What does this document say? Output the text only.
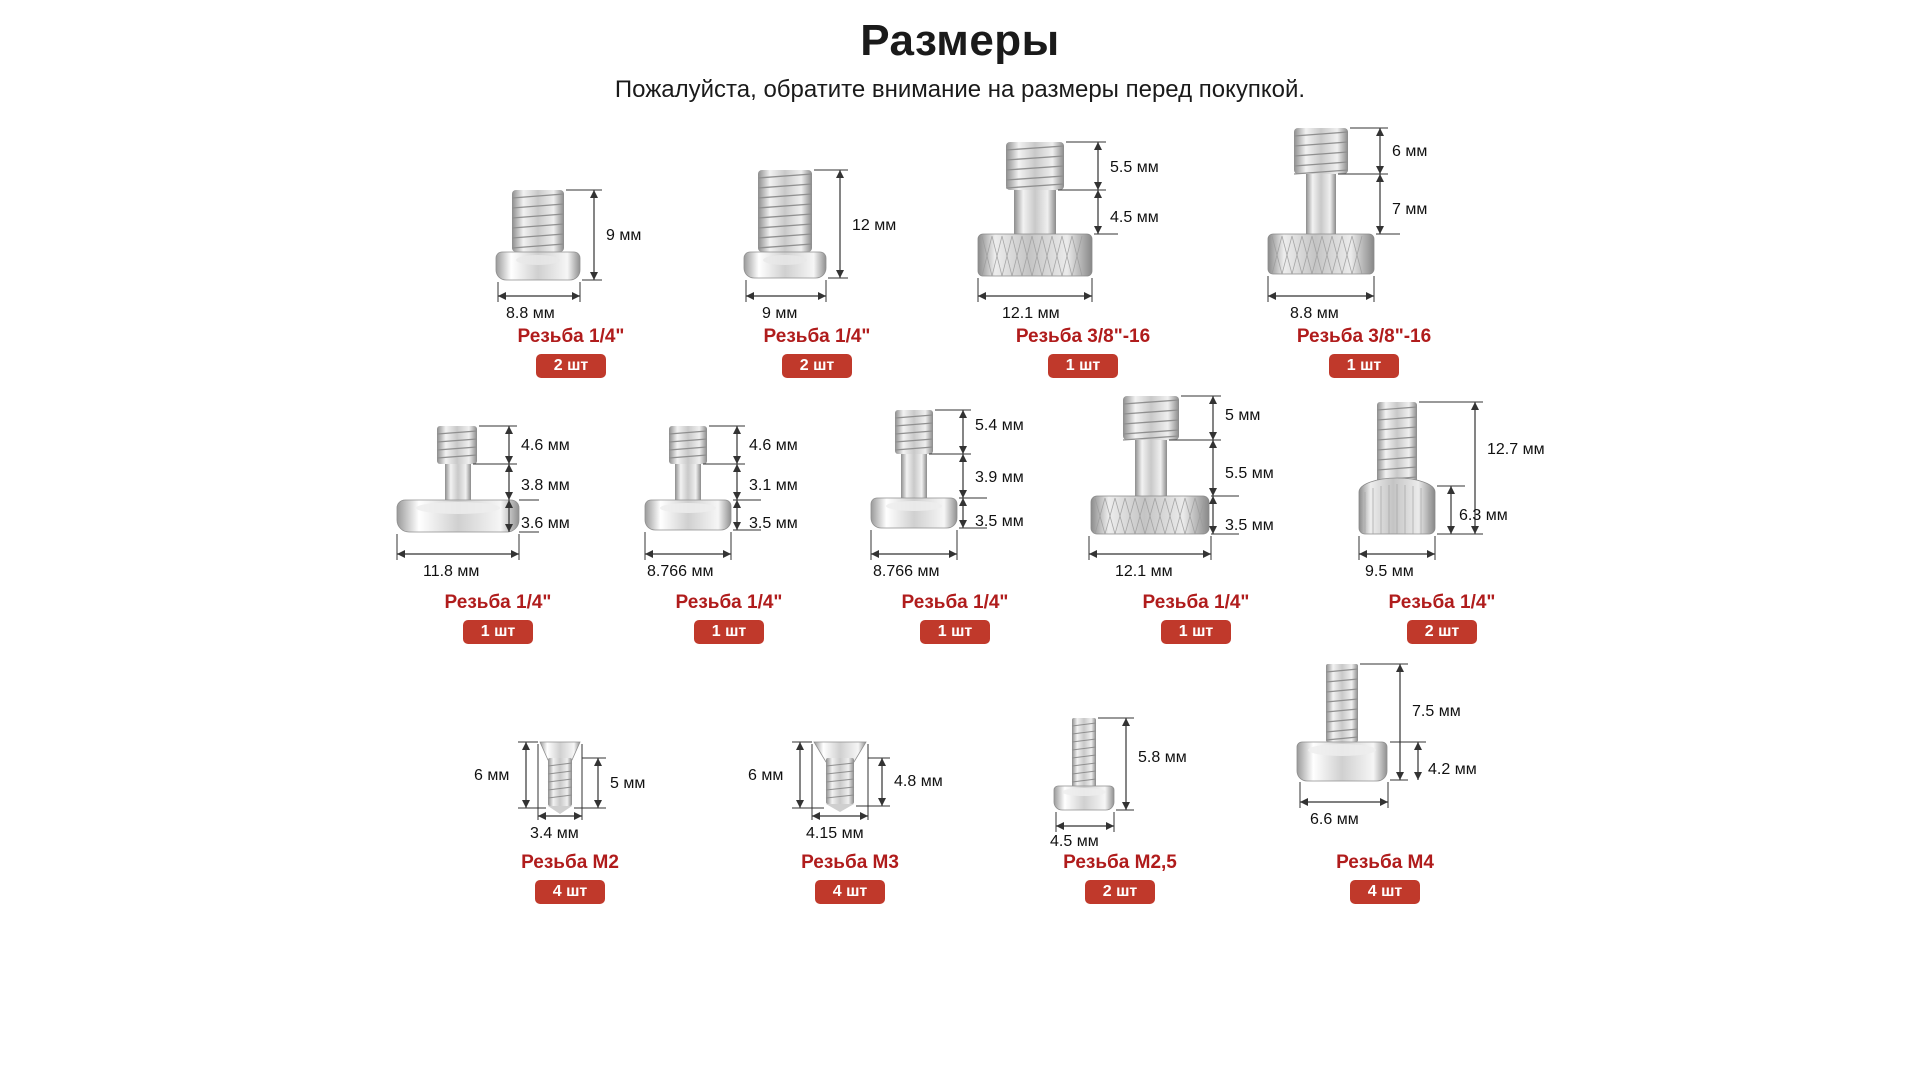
Размеры

Пожалуйста, обратите внимание на размеры перед покупкой.

9 мм
8.8 мм
Резьба 1/4"
2 шт
12 мм
9 мм
Резьба 1/4"
2 шт
5.5 мм
4.5 мм
12.1 мм
Резьба 3/8"-16
1 шт
6 мм
7 мм
8.8 мм
Резьба 3/8"-16
1 шт
4.6 мм
3.8 мм
3.6 мм
11.8 мм
Резьба 1/4"
1 шт
4.6 мм
3.1 мм
3.5 мм
8.766 мм
Резьба 1/4"
1 шт
5.4 мм
3.9 мм
3.5 мм
8.766 мм
Резьба 1/4"
1 шт
5 мм
5.5 мм
3.5 мм
12.1 мм
Резьба 1/4"
1 шт
12.7 мм
6.3 мм
9.5 мм
Резьба 1/4"
2 шт
6 мм	5 мм
3.4 мм
Резьба М2
4 шт
6 мм	4.8 мм
4.15 мм
Резьба М3
4 шт
5.8 мм
4.5 мм
Резьба М2,5
2 шт
7.5 мм
4.2 мм
6.6 мм
Резьба М4
4 шт
